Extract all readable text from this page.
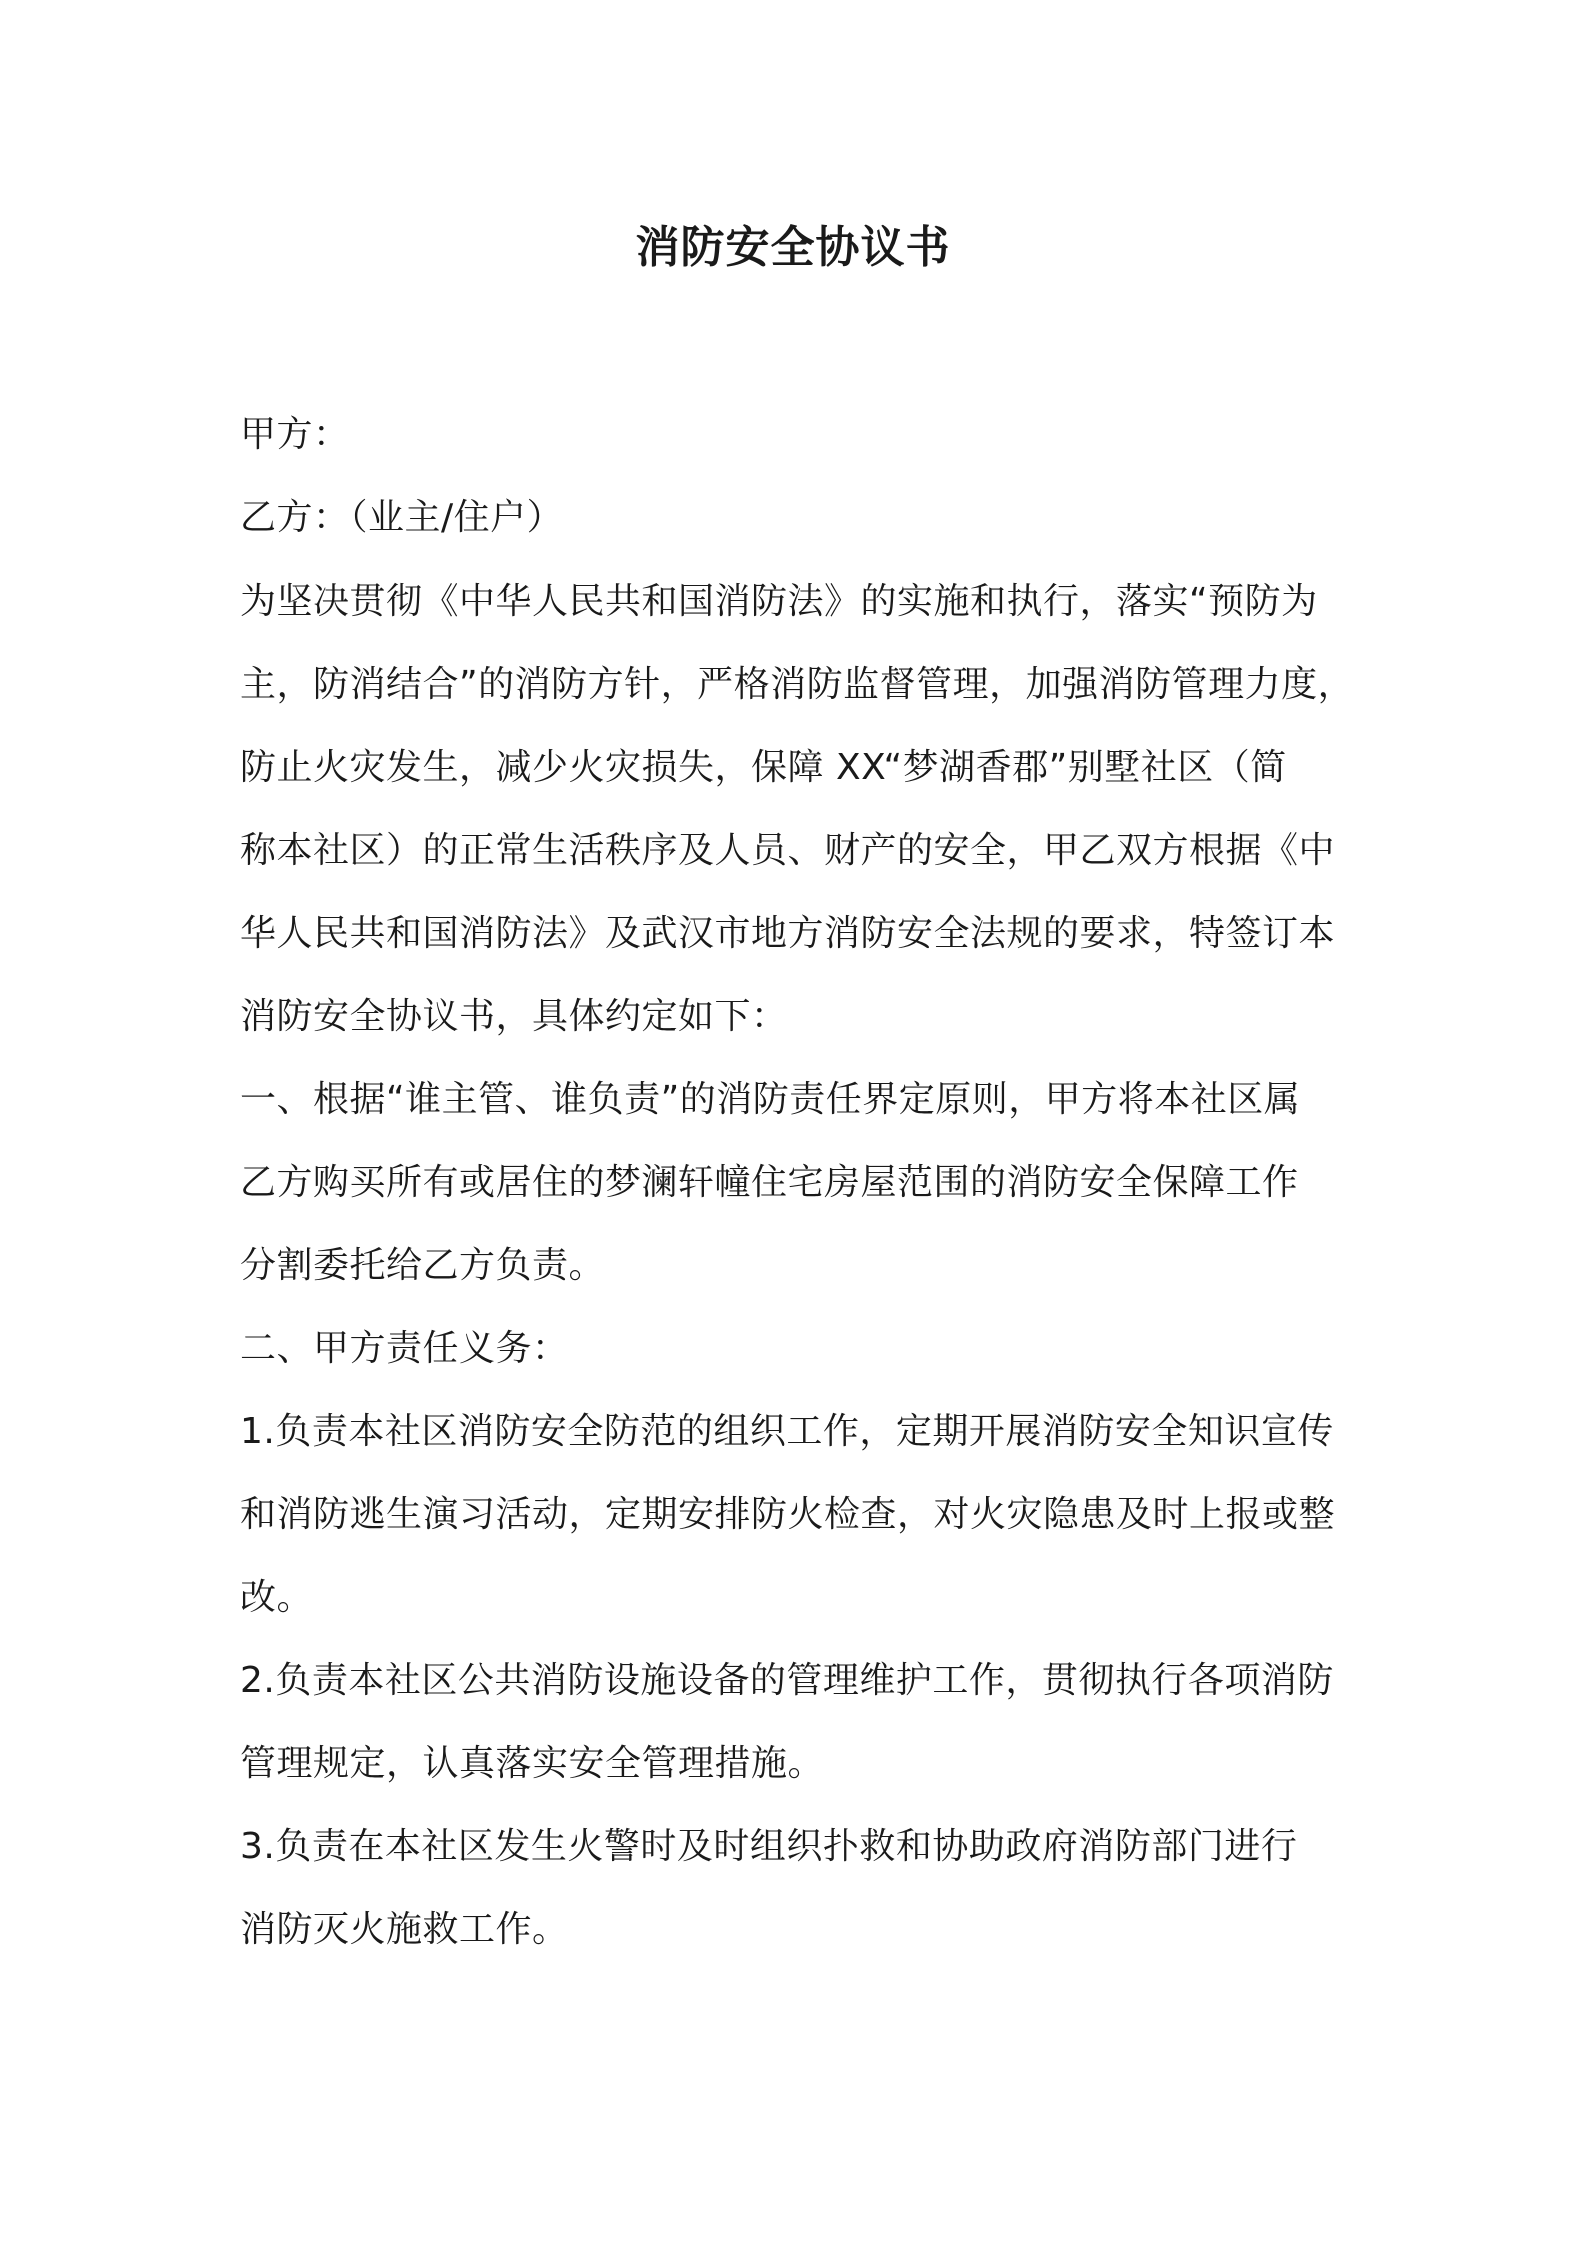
消防安全协议书
甲方：
乙方：（业主/住户）
为坚决贯彻《中华人民共和国消防法》的实施和执行，落实“预防为
主，防消结合”的消防方针，严格消防监督管理，加强消防管理力度，
防止火灾发生，减少火灾损失，保障 XX“梦湖香郡”别墅社区（简
称本社区）的正常生活秩序及人员、财产的安全，甲乙双方根据《中
华人民共和国消防法》及武汉市地方消防安全法规的要求，特签订本
消防安全协议书，具体约定如下：
一、根据“谁主管、谁负责”的消防责任界定原则，甲方将本社区属
乙方购买所有或居住的梦澜轩幢住宅房屋范围的消防安全保障工作
分割委托给乙方负责。
二、甲方责任义务：
1.负责本社区消防安全防范的组织工作，定期开展消防安全知识宣传
和消防逃生演习活动，定期安排防火检查，对火灾隐患及时上报或整
改。
2.负责本社区公共消防设施设备的管理维护工作，贯彻执行各项消防
管理规定，认真落实安全管理措施。
3.负责在本社区发生火警时及时组织扑救和协助政府消防部门进行
消防灭火施救工作。
